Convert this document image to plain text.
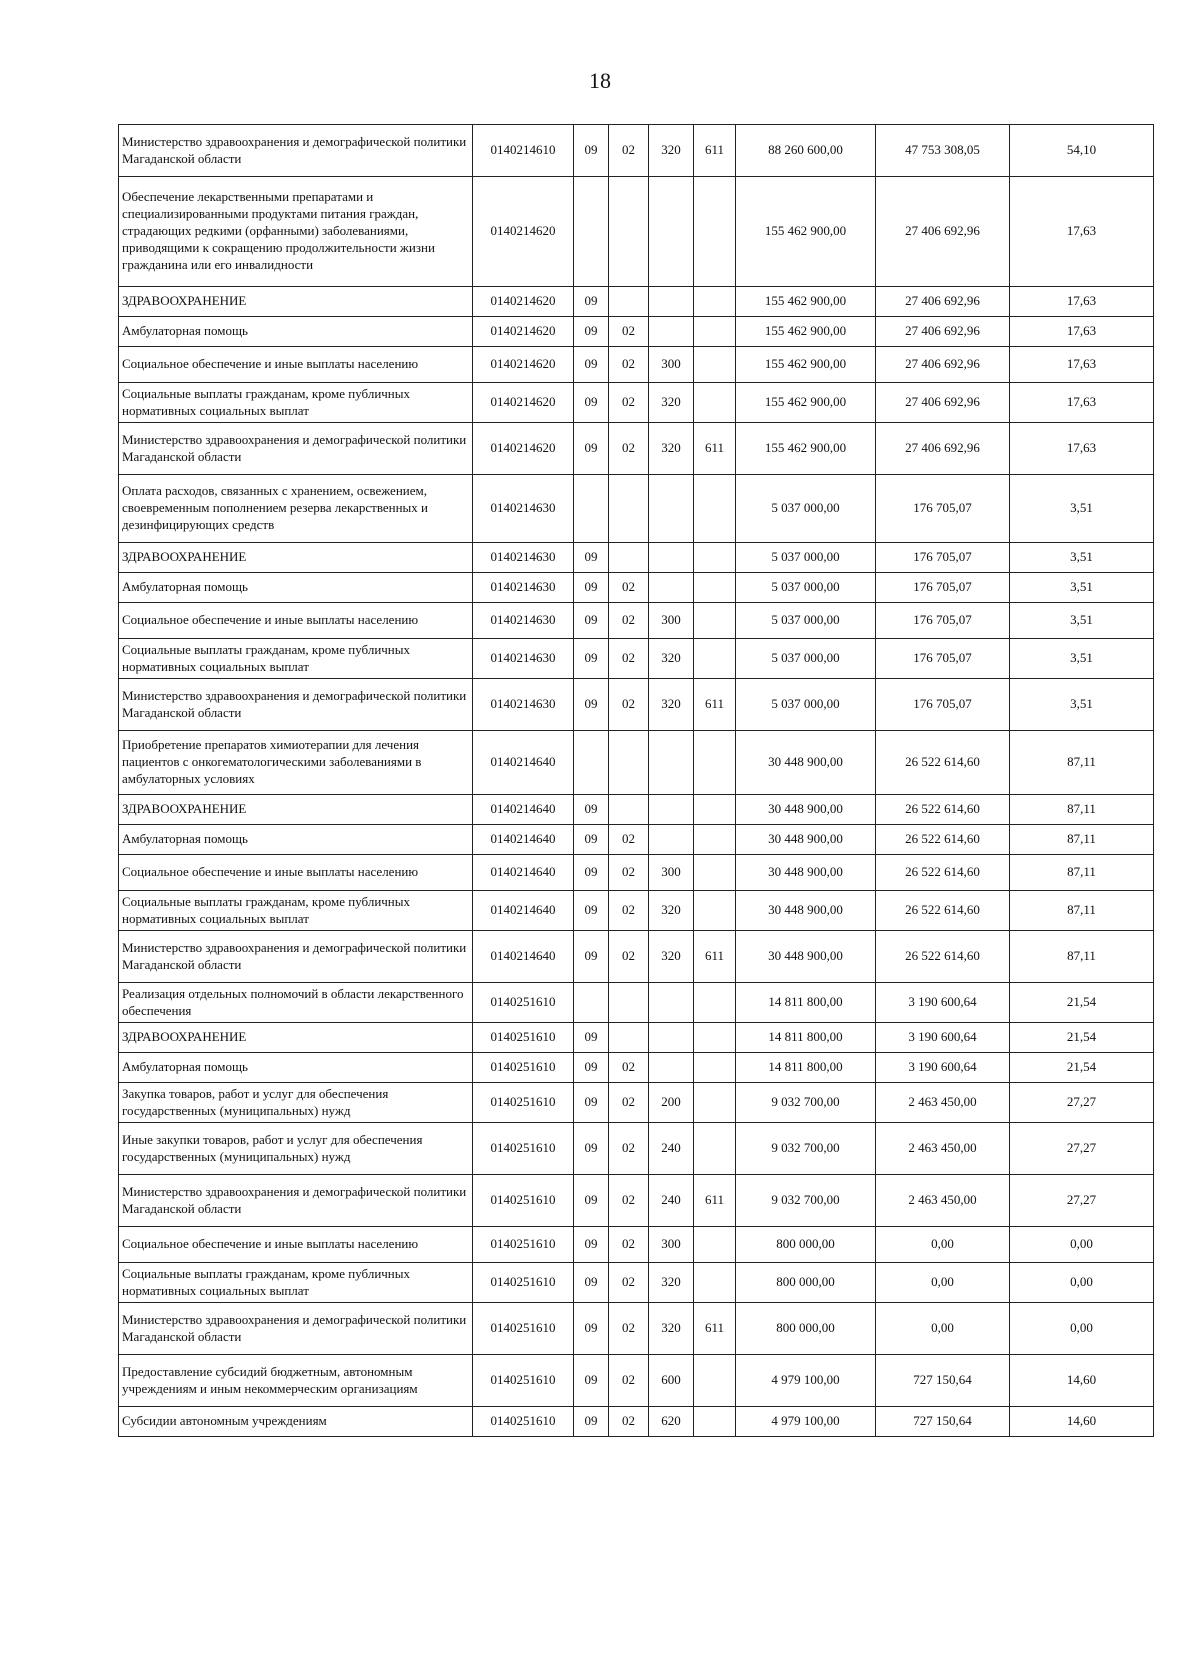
18
Министерство здравоохранения и демографической политики Магаданской области	0140214610	09	02	320	611	88 260 600,00	47 753 308,05	54,10
Обеспечение лекарственными препаратами и специализированными продуктами питания граждан, страдающих редкими (орфанными) заболеваниями, приводящими к сокращению продолжительности жизни гражданина или его инвалидности	0140214620					155 462 900,00	27 406 692,96	17,63
ЗДРАВООХРАНЕНИЕ	0140214620	09				155 462 900,00	27 406 692,96	17,63
Амбулаторная помощь	0140214620	09	02			155 462 900,00	27 406 692,96	17,63
Социальное обеспечение и иные выплаты населению	0140214620	09	02	300		155 462 900,00	27 406 692,96	17,63
Социальные выплаты гражданам, кроме публичных нормативных социальных выплат	0140214620	09	02	320		155 462 900,00	27 406 692,96	17,63
Министерство здравоохранения и демографической политики Магаданской области	0140214620	09	02	320	611	155 462 900,00	27 406 692,96	17,63
Оплата расходов, связанных с хранением, освежением, своевременным пополнением резерва лекарственных и дезинфицирующих средств	0140214630					5 037 000,00	176 705,07	3,51
ЗДРАВООХРАНЕНИЕ	0140214630	09				5 037 000,00	176 705,07	3,51
Амбулаторная помощь	0140214630	09	02			5 037 000,00	176 705,07	3,51
Социальное обеспечение и иные выплаты населению	0140214630	09	02	300		5 037 000,00	176 705,07	3,51
Социальные выплаты гражданам, кроме публичных нормативных социальных выплат	0140214630	09	02	320		5 037 000,00	176 705,07	3,51
Министерство здравоохранения и демографической политики Магаданской области	0140214630	09	02	320	611	5 037 000,00	176 705,07	3,51
Приобретение препаратов химиотерапии для лечения пациентов с онкогематологическими заболеваниями в амбулаторных условиях	0140214640					30 448 900,00	26 522 614,60	87,11
ЗДРАВООХРАНЕНИЕ	0140214640	09				30 448 900,00	26 522 614,60	87,11
Амбулаторная помощь	0140214640	09	02			30 448 900,00	26 522 614,60	87,11
Социальное обеспечение и иные выплаты населению	0140214640	09	02	300		30 448 900,00	26 522 614,60	87,11
Социальные выплаты гражданам, кроме публичных нормативных социальных выплат	0140214640	09	02	320		30 448 900,00	26 522 614,60	87,11
Министерство здравоохранения и демографической политики Магаданской области	0140214640	09	02	320	611	30 448 900,00	26 522 614,60	87,11
Реализация отдельных полномочий в области лекарственного обеспечения	0140251610					14 811 800,00	3 190 600,64	21,54
ЗДРАВООХРАНЕНИЕ	0140251610	09				14 811 800,00	3 190 600,64	21,54
Амбулаторная помощь	0140251610	09	02			14 811 800,00	3 190 600,64	21,54
Закупка товаров, работ и услуг для обеспечения государственных (муниципальных) нужд	0140251610	09	02	200		9 032 700,00	2 463 450,00	27,27
Иные закупки товаров, работ и услуг для обеспечения государственных (муниципальных) нужд	0140251610	09	02	240		9 032 700,00	2 463 450,00	27,27
Министерство здравоохранения и демографической политики Магаданской области	0140251610	09	02	240	611	9 032 700,00	2 463 450,00	27,27
Социальное обеспечение и иные выплаты населению	0140251610	09	02	300		800 000,00	0,00	0,00
Социальные выплаты гражданам, кроме публичных нормативных социальных выплат	0140251610	09	02	320		800 000,00	0,00	0,00
Министерство здравоохранения и демографической политики Магаданской области	0140251610	09	02	320	611	800 000,00	0,00	0,00
Предоставление субсидий бюджетным, автономным учреждениям и иным некоммерческим организациям	0140251610	09	02	600		4 979 100,00	727 150,64	14,60
Субсидии автономным учреждениям	0140251610	09	02	620		4 979 100,00	727 150,64	14,60
